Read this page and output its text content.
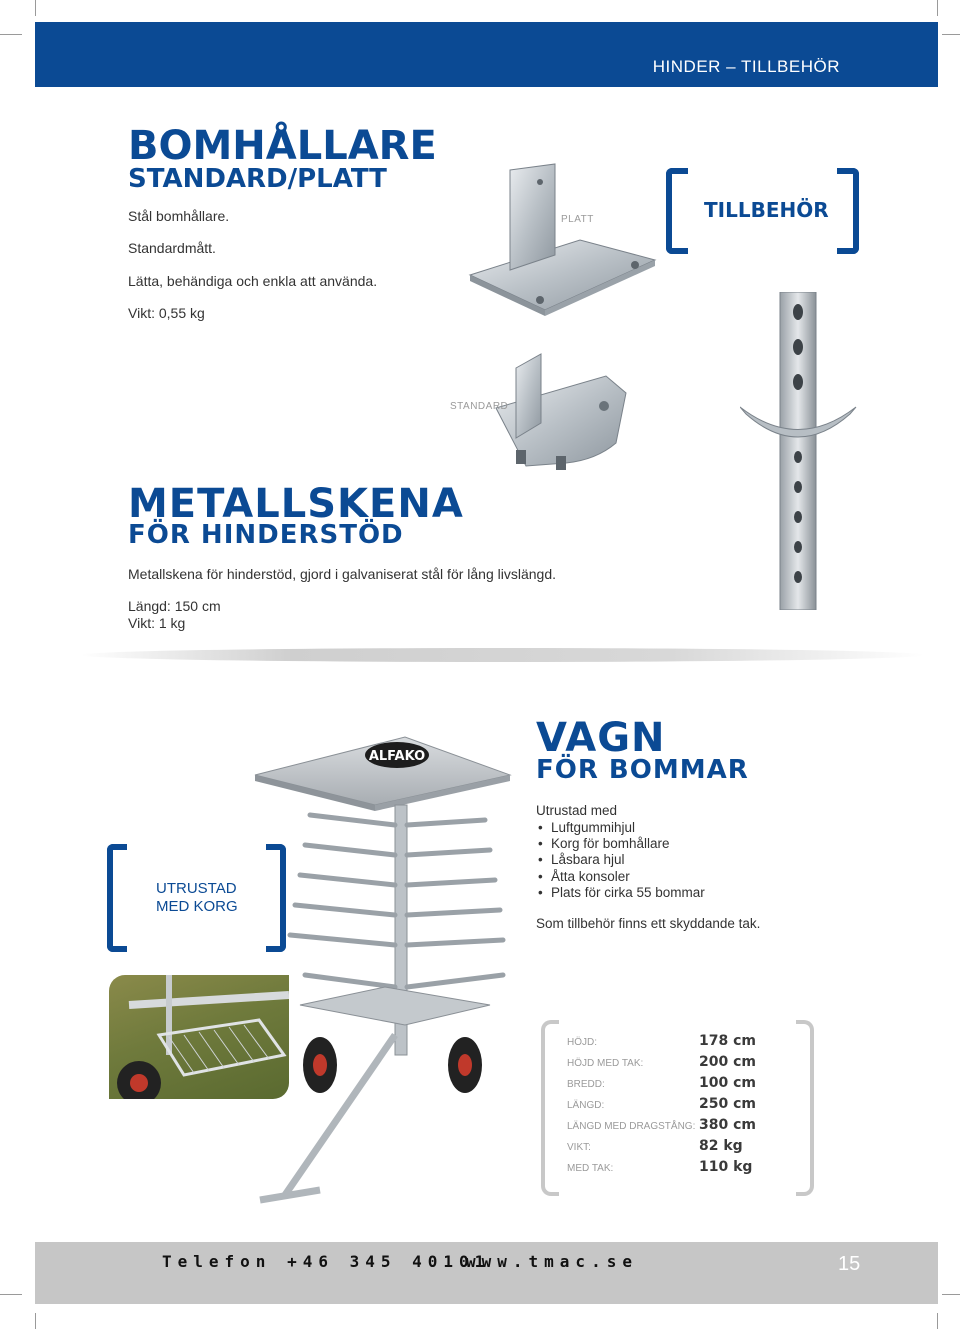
HINDER – TILLBEHÖR
BOMHÅLLARE
STANDARD/PLATT
Stål bomhållare.
Standardmått.
Lätta, behändiga och enkla att använda.
Vikt: 0,55 kg
PLATT
STANDARD
TILLBEHÖR
METALLSKENA
FÖR HINDERSTÖD
Metallskena för hinderstöd, gjord i galvaniserat stål för lång livslängd.
Längd: 150 cm
Vikt: 1 kg
VAGN
FÖR BOMMAR
Utrustad med
• Luftgummihjul
• Korg för bomhållare
• Låsbara hjul
• Åtta konsoler
• Plats för cirka 55 bommar
Som tillbehör finns ett skyddande tak.
UTRUSTAD
MED KORG
ALFAKO
HÖJD:	178 cm
HÖJD MED TAK:	200 cm
BREDD:	100 cm
LÄNGD:	250 cm
LÄNGD MED DRAGSTÅNG: 380 cm
VIKT:	82 kg
MED TAK:	110 kg
Telefon +46 345 40101
www.tmac.se	15
